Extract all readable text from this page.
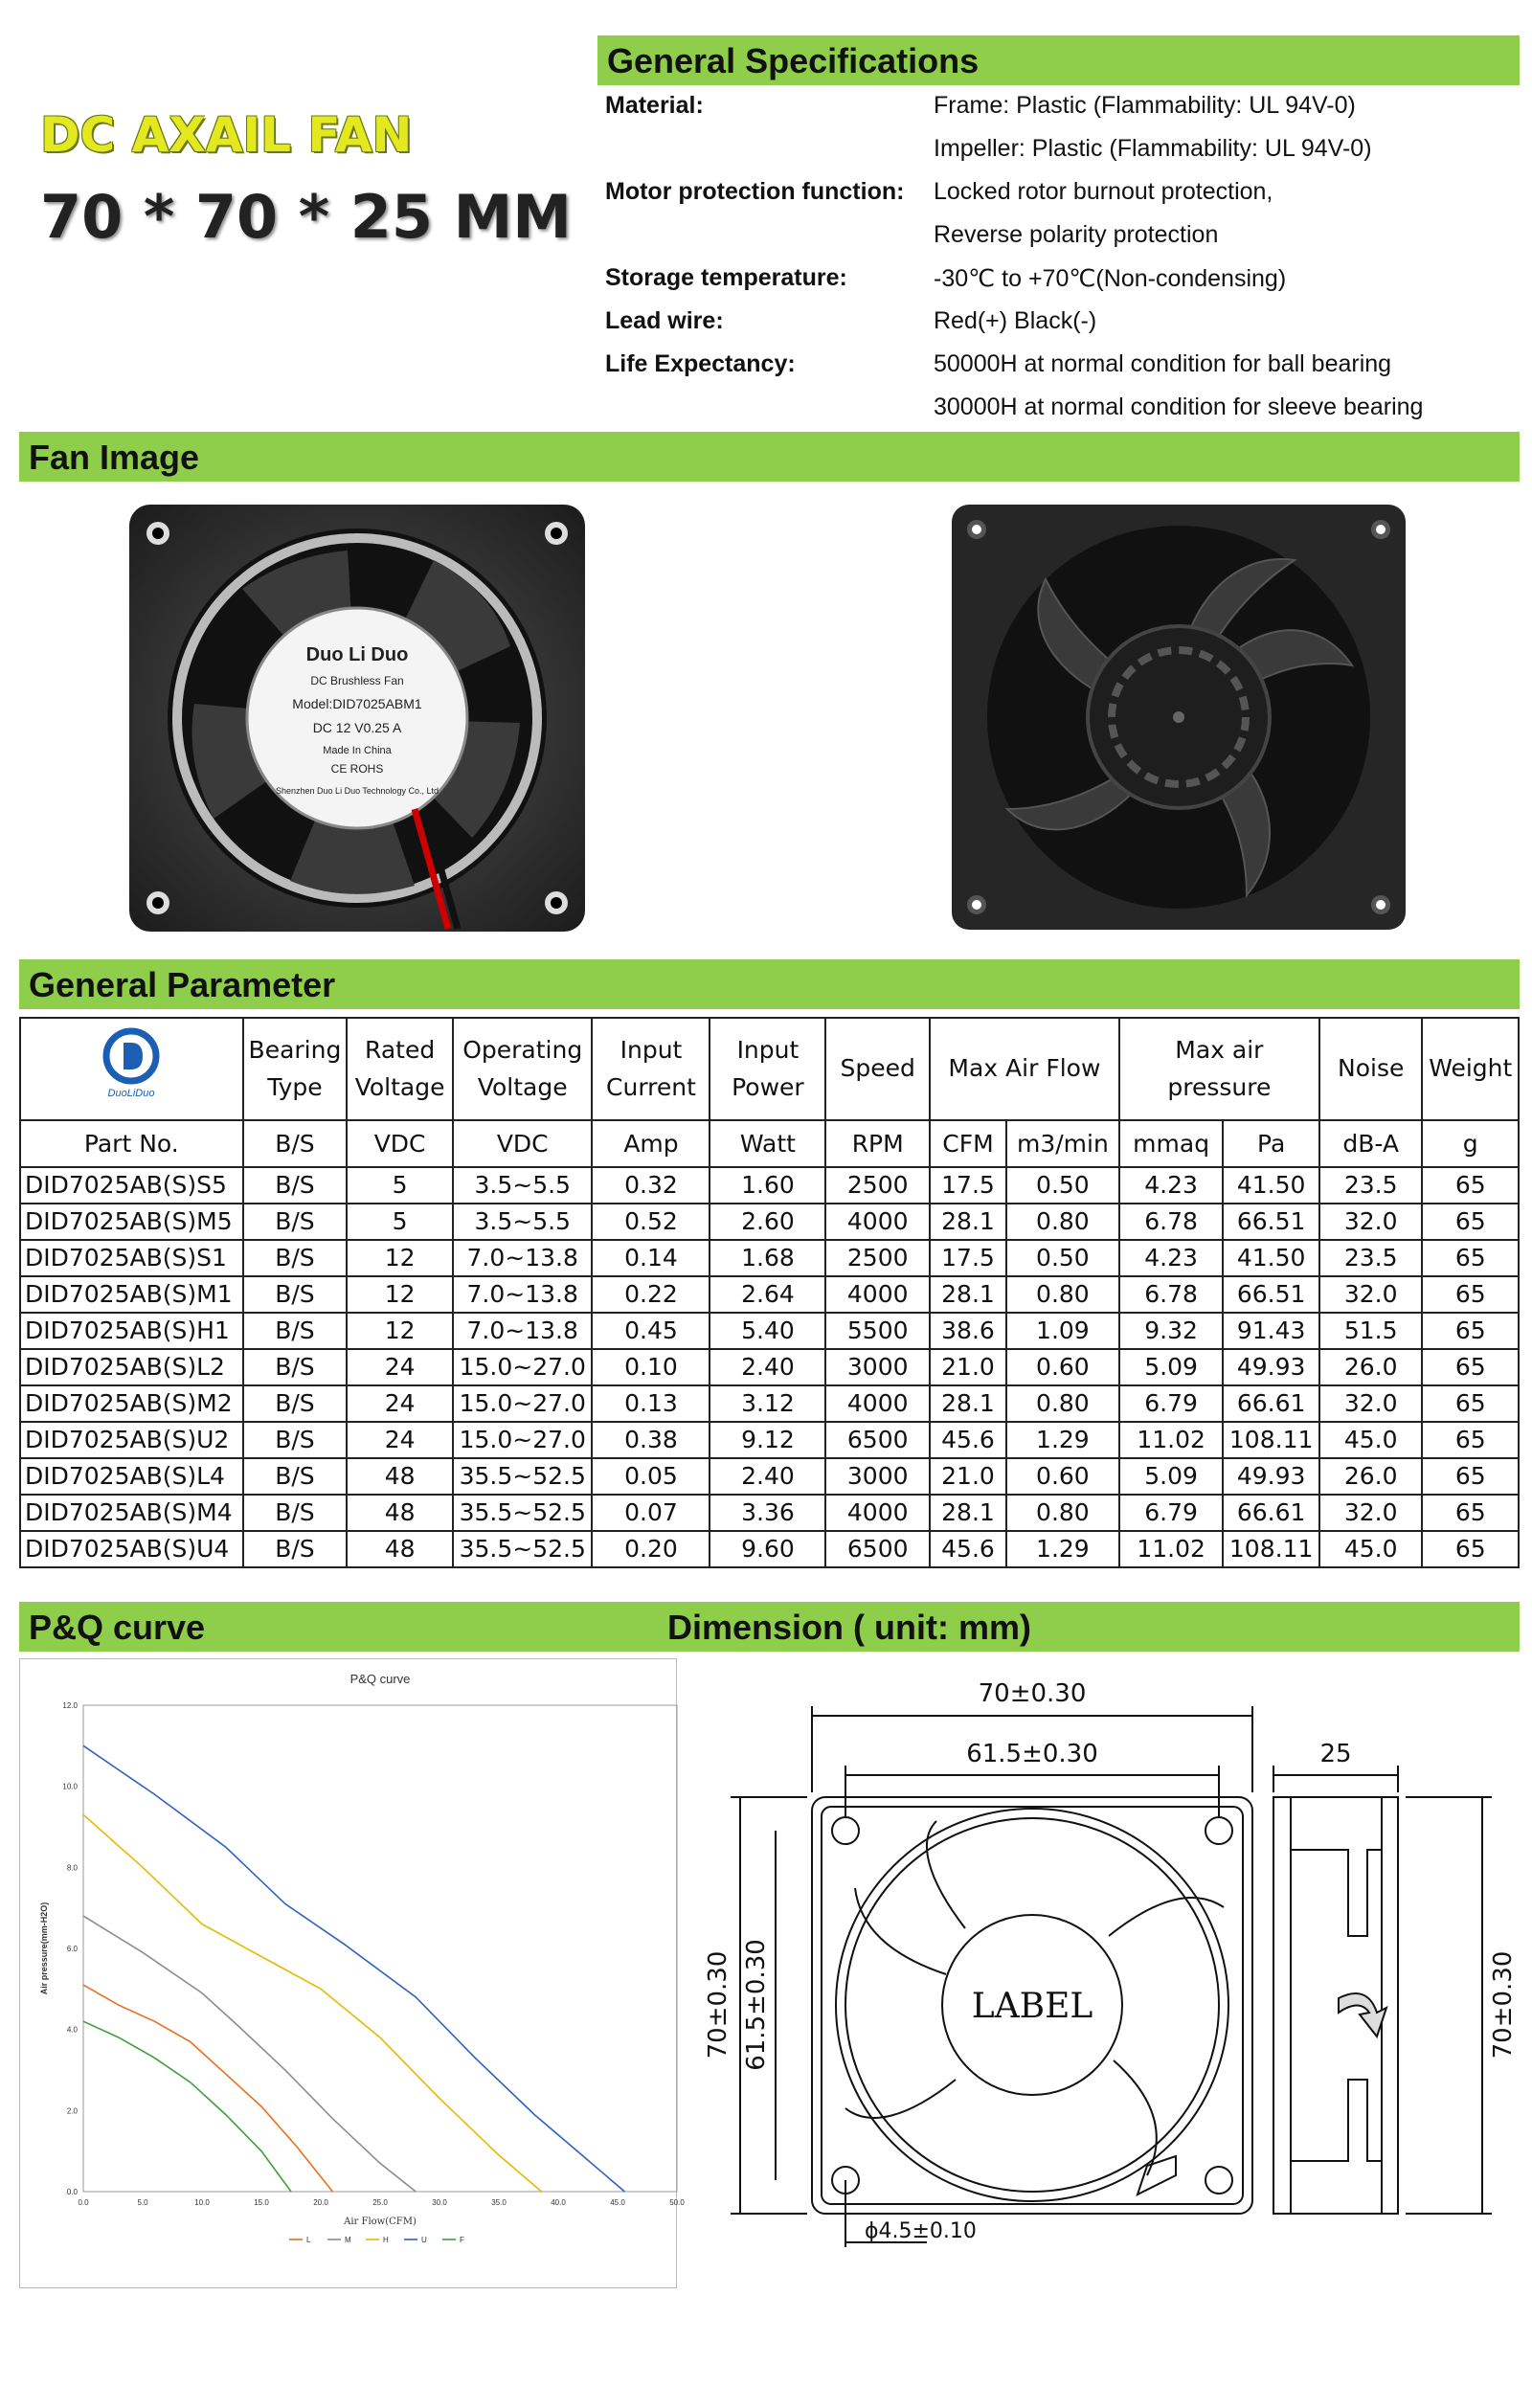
DC AXAIL FAN
70 * 70 * 25 MM
General Specifications
Material:	Frame: Plastic (Flammability: UL 94V-0)
Impeller: Plastic (Flammability: UL 94V-0)
Motor protection function: Locked rotor burnout protection,
Reverse polarity protection
Storage temperature:	-30℃ to +70℃(Non-condensing)
Lead wire:	Red(+) Black(-)
Life Expectancy:	50000H at normal condition for ball bearing
30000H at normal condition for sleeve bearing
Fan Image
Duo Li Duo
DC Brushless Fan
Model:DID7025ABM1
DC 12 V0.25 A
Made In China
CE ROHS
Shenzhen Duo Li Duo Technology Co., Ltd
General Parameter
DuoLiDuo	Bearing Type	Rated Voltage	Operating Voltage	Input Current	Input Power	Speed	Max Air Flow		Max air pressure		Noise	Weight
Part No.	B/S	VDC	VDC	Amp	Watt	RPM	CFM	m3/min	mmaq	Pa	dB-A	g
DID7025AB(S)S5	B/S	5	3.5~5.5	0.32	1.60	2500	17.5	0.50	4.23	41.50	23.5	65
DID7025AB(S)M5	B/S	5	3.5~5.5	0.52	2.60	4000	28.1	0.80	6.78	66.51	32.0	65
DID7025AB(S)S1	B/S	12	7.0~13.8	0.14	1.68	2500	17.5	0.50	4.23	41.50	23.5	65
DID7025AB(S)M1	B/S	12	7.0~13.8	0.22	2.64	4000	28.1	0.80	6.78	66.51	32.0	65
DID7025AB(S)H1	B/S	12	7.0~13.8	0.45	5.40	5500	38.6	1.09	9.32	91.43	51.5	65
DID7025AB(S)L2	B/S	24	15.0~27.0	0.10	2.40	3000	21.0	0.60	5.09	49.93	26.0	65
DID7025AB(S)M2	B/S	24	15.0~27.0	0.13	3.12	4000	28.1	0.80	6.79	66.61	32.0	65
DID7025AB(S)U2	B/S	24	15.0~27.0	0.38	9.12	6500	45.6	1.29	11.02	108.11	45.0	65
DID7025AB(S)L4	B/S	48	35.5~52.5	0.05	2.40	3000	21.0	0.60	5.09	49.93	26.0	65
DID7025AB(S)M4	B/S	48	35.5~52.5	0.07	3.36	4000	28.1	0.80	6.79	66.61	32.0	65
DID7025AB(S)U4	B/S	48	35.5~52.5	0.20	9.60	6500	45.6	1.29	11.02	108.11	45.0	65
P&Q curve	Dimension ( unit: mm)
P&Q curve
0.0
2.0
4.0
6.0
8.0
10.0
12.0
0.0	5.0	10.0	15.0	20.0	25.0	30.0	35.0	40.0	45.0	50.0
Air Flow(CFM)
Air pressure(mm-H2O)
L	M	H	U	F
70±0.30
61.5±0.30	25
70±0.30 61.5±0.30	70±0.30
ϕ4.5±0.10
LABEL
